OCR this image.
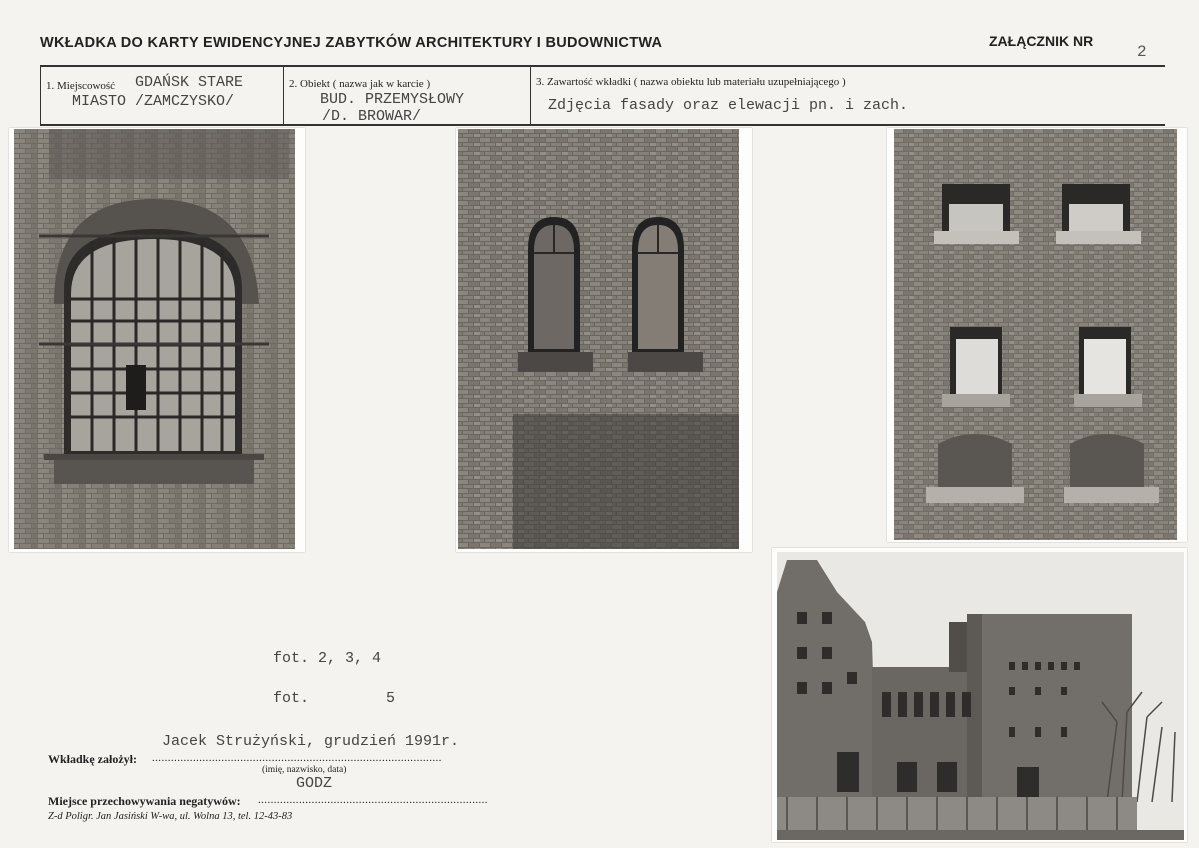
WKŁADKA DO KARTY EWIDENCYJNEJ ZABYTKÓW ARCHITEKTURY I BUDOWNICTWA	ZAŁĄCZNIK NR
2
1. Miejscowość GDAŃSK STARE
MIASTO /ZAMCZYSKO/
2. Obiekt ( nazwa jak w karcie )
BUD. PRZEMYSŁOWY
/D. BROWAR/
3. Zawartość wkładki ( nazwa obiektu lub materiału uzupełniającego )
Zdjęcia fasady oraz elewacji pn. i zach.
fot. 2, 3, 4
fot.	5
Jacek Strużyński, grudzień 1991r.
Wkładkę założył: ............................................................................................
(imię, nazwisko, data)
GODZ
Miejsce przechowywania negatywów: .........................................................................
Z-d Poligr. Jan Jasiński W-wa, ul. Wolna 13, tel. 12-43-83
